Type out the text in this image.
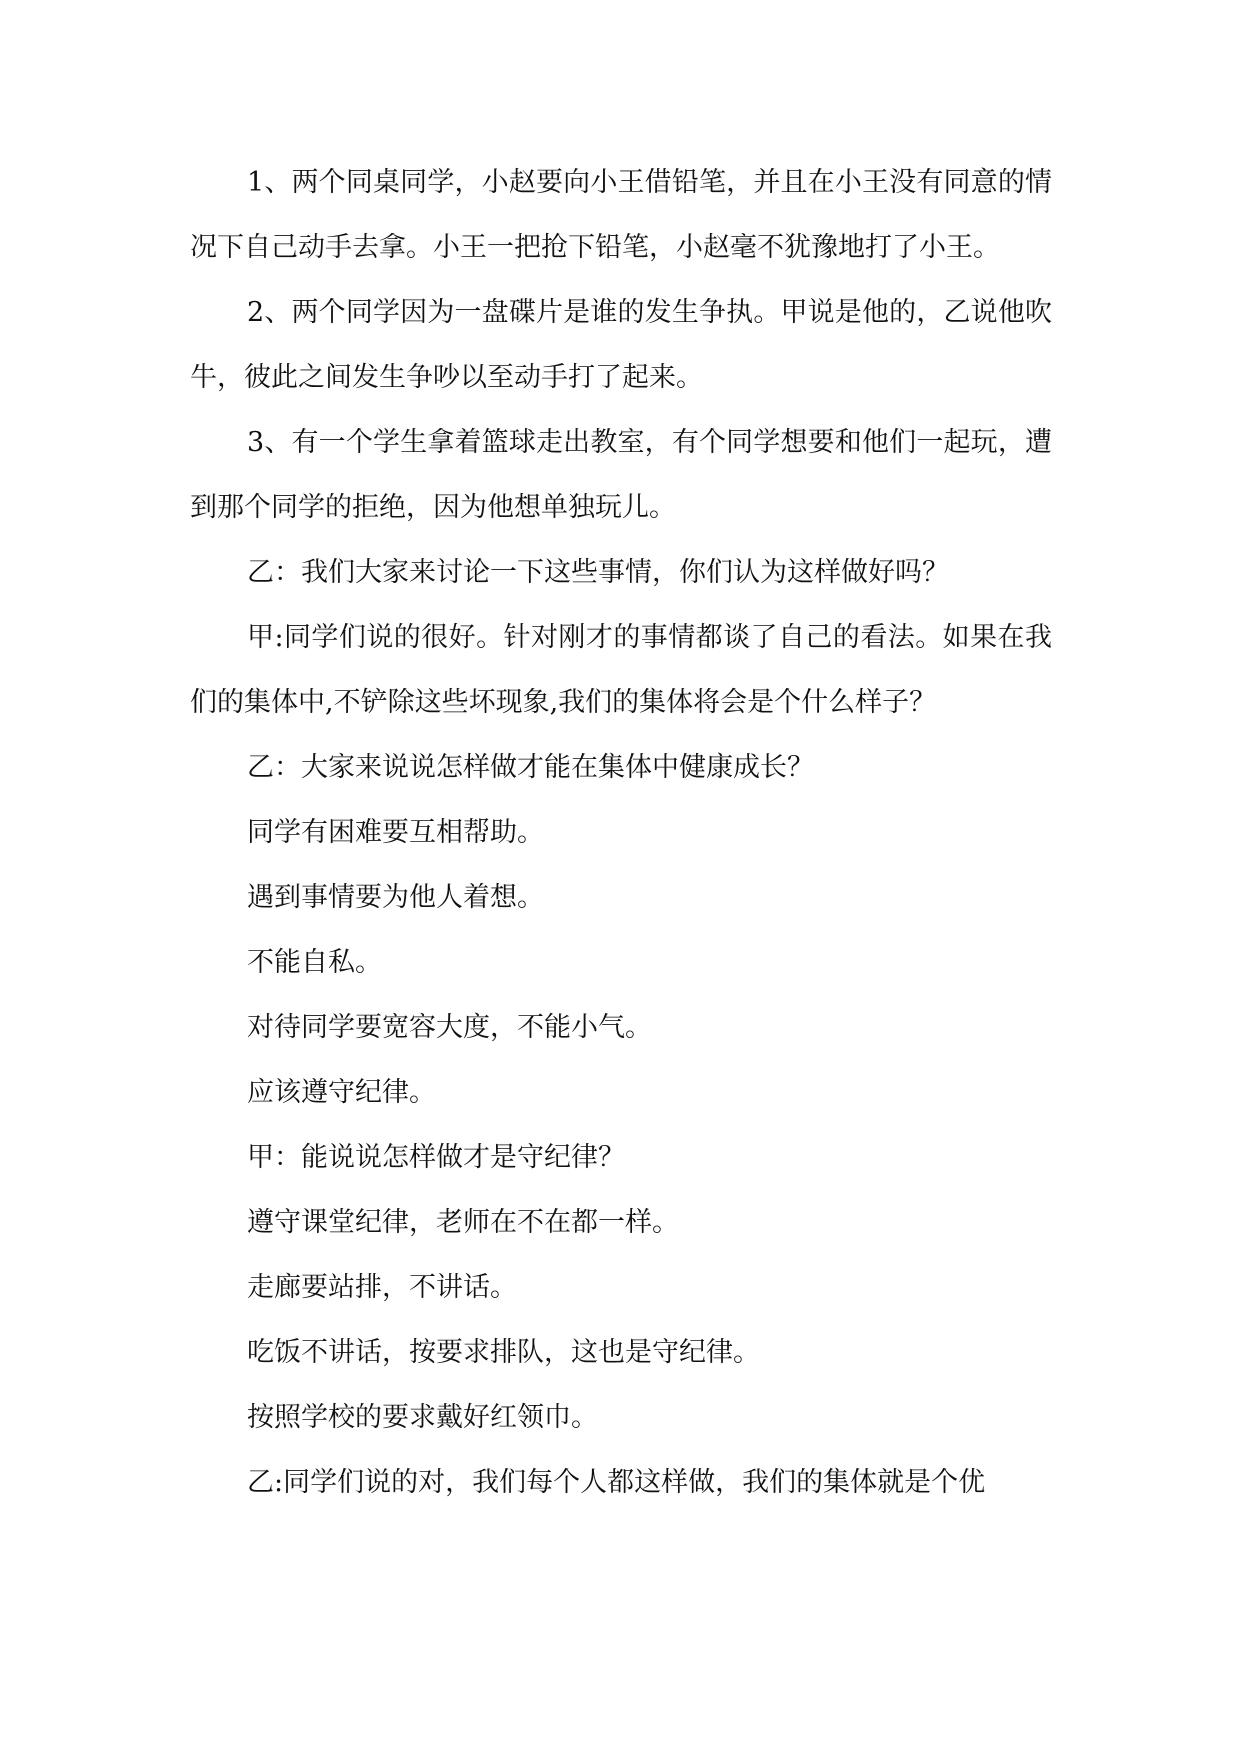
1、两个同桌同学，小赵要向小王借铅笔，并且在小王没有同意的情况下自己动手去拿。小王一把抢下铅笔，小赵毫不犹豫地打了小王。

2、两个同学因为一盘碟片是谁的发生争执。甲说是他的，乙说他吹牛，彼此之间发生争吵以至动手打了起来。

3、有一个学生拿着篮球走出教室，有个同学想要和他们一起玩，遭到那个同学的拒绝，因为他想单独玩儿。

乙：我们大家来讨论一下这些事情，你们认为这样做好吗？

甲:同学们说的很好。针对刚才的事情都谈了自己的看法。如果在我们的集体中,不铲除这些坏现象,我们的集体将会是个什么样子？

乙：大家来说说怎样做才能在集体中健康成长？

同学有困难要互相帮助。

遇到事情要为他人着想。

不能自私。

对待同学要宽容大度，不能小气。

应该遵守纪律。

甲：能说说怎样做才是守纪律？

遵守课堂纪律，老师在不在都一样。

走廊要站排，不讲话。

吃饭不讲话，按要求排队，这也是守纪律。

按照学校的要求戴好红领巾。

乙:同学们说的对，我们每个人都这样做，我们的集体就是个优
